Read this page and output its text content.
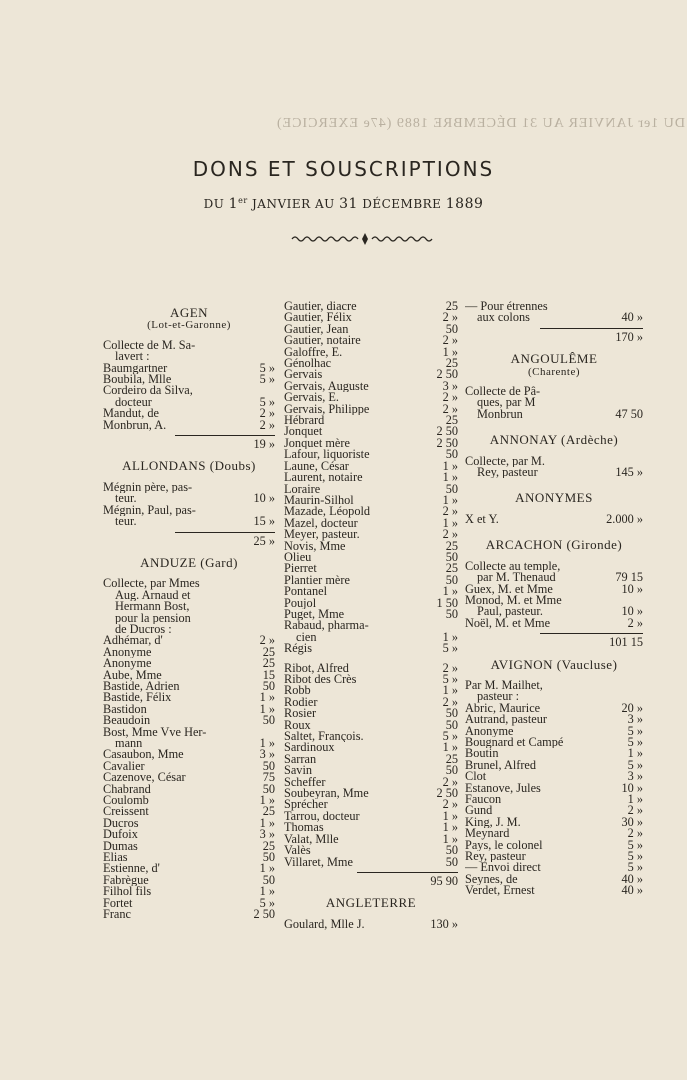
DU 1er JANVIER AU 31 DÉCEMBRE 1889 (47e EXERCICE)
DONS ET SOUSCRIPTIONS
DU 1er JANVIER AU 31 DÉCEMBRE 1889
AGEN
(Lot-et-Garonne)
Collecte de M. Sa-
lavert :
Baumgartner	5 »
Boubila, Mlle	5 »
Cordeiro da Silva,
docteur	5 »
Mandut, de	2 »
Monbrun, A.	2 »
19 »
ALLONDANS (Doubs)
Mégnin père, pas-
teur.	10 »
Mégnin, Paul, pas-
teur.	15 »
25 »
ANDUZE (Gard)
Collecte, par Mmes
Aug. Arnaud et
Hermann Bost,
pour la pension
de Ducros :
Adhémar, d'	2 »
Anonyme	25
Anonyme	25
Aube, Mme	15
Bastide, Adrien	50
Bastide, Félix	1 »
Bastidon	1 »
Beaudoin	50
Bost, Mme Vve Her-
mann	1 »
Casaubon, Mme	3 »
Cavalier	50
Cazenove, César	75
Chabrand	50
Coulomb	1 »
Creissent	25
Ducros	1 »
Dufoix	3 »
Dumas	25
Elias	50
Estienne, d'	1 »
Fabrègue	50
Filhol fils	1 »
Fortet	5 »
Franc	2 50
Gautier, diacre	25
Gautier, Félix	2 »
Gautier, Jean	50
Gautier, notaire	2 »
Galoffre, E.	1 »
Génolhac	25
Gervais	2 50
Gervais, Auguste	3 »
Gervais, E.	2 »
Gervais, Philippe	2 »
Hébrard	25
Jonquet	2 50
Jonquet mère	2 50
Lafour, liquoriste	50
Laune, César	1 »
Laurent, notaire	1 »
Loraire	50
Maurin-Silhol	1 »
Mazade, Léopold	2 »
Mazel, docteur	1 »
Meyer, pasteur.	2 »
Novis, Mme	25
Olieu	50
Pierret	25
Plantier mère	50
Pontanel	1 »
Poujol	1 50
Puget, Mme	50
Rabaud, pharma-
cien	1 »
Régis	5 »
Ribot, Alfred	2 »
Ribot des Crès	5 »
Robb	1 »
Rodier	2 »
Rosier	50
Roux	50
Saltet, François.	5 »
Sardinoux	1 »
Sarran	25
Savin	50
Scheffer	2 »
Soubeyran, Mme	2 50
Sprécher	2 »
Tarrou, docteur	1 »
Thomas	1 »
Valat, Mlle	1 »
Valès	50
Villaret, Mme	50
95 90
ANGLETERRE
Goulard, Mlle J.	130 »
— Pour étrennes
aux colons	40 »
170 »
ANGOULÊME
(Charente)
Collecte de Pâ-
ques, par M
Monbrun	47 50
ANNONAY (Ardèche)
Collecte, par M.
Rey, pasteur	145 »
ANONYMES
X et Y.	2.000 »
ARCACHON (Gironde)
Collecte au temple,
par M. Thenaud	79 15
Guex, M. et Mme	10 »
Monod, M. et Mme
Paul, pasteur.	10 »
Noël, M. et Mme	2 »
101 15
AVIGNON (Vaucluse)
Par M. Mailhet,
pasteur :
Abric, Maurice	20 »
Autrand, pasteur	3 »
Anonyme	5 »
Bougnard et Campé	5 »
Boutin	1 »
Brunel, Alfred	5 »
Clot	3 »
Estanove, Jules	10 »
Faucon	1 »
Gund	2 »
King, J. M.	30 »
Meynard	2 »
Pays, le colonel	5 »
Rey, pasteur	5 »
— Envoi direct	5 »
Seynes, de	40 »
Verdet, Ernest	40 »
